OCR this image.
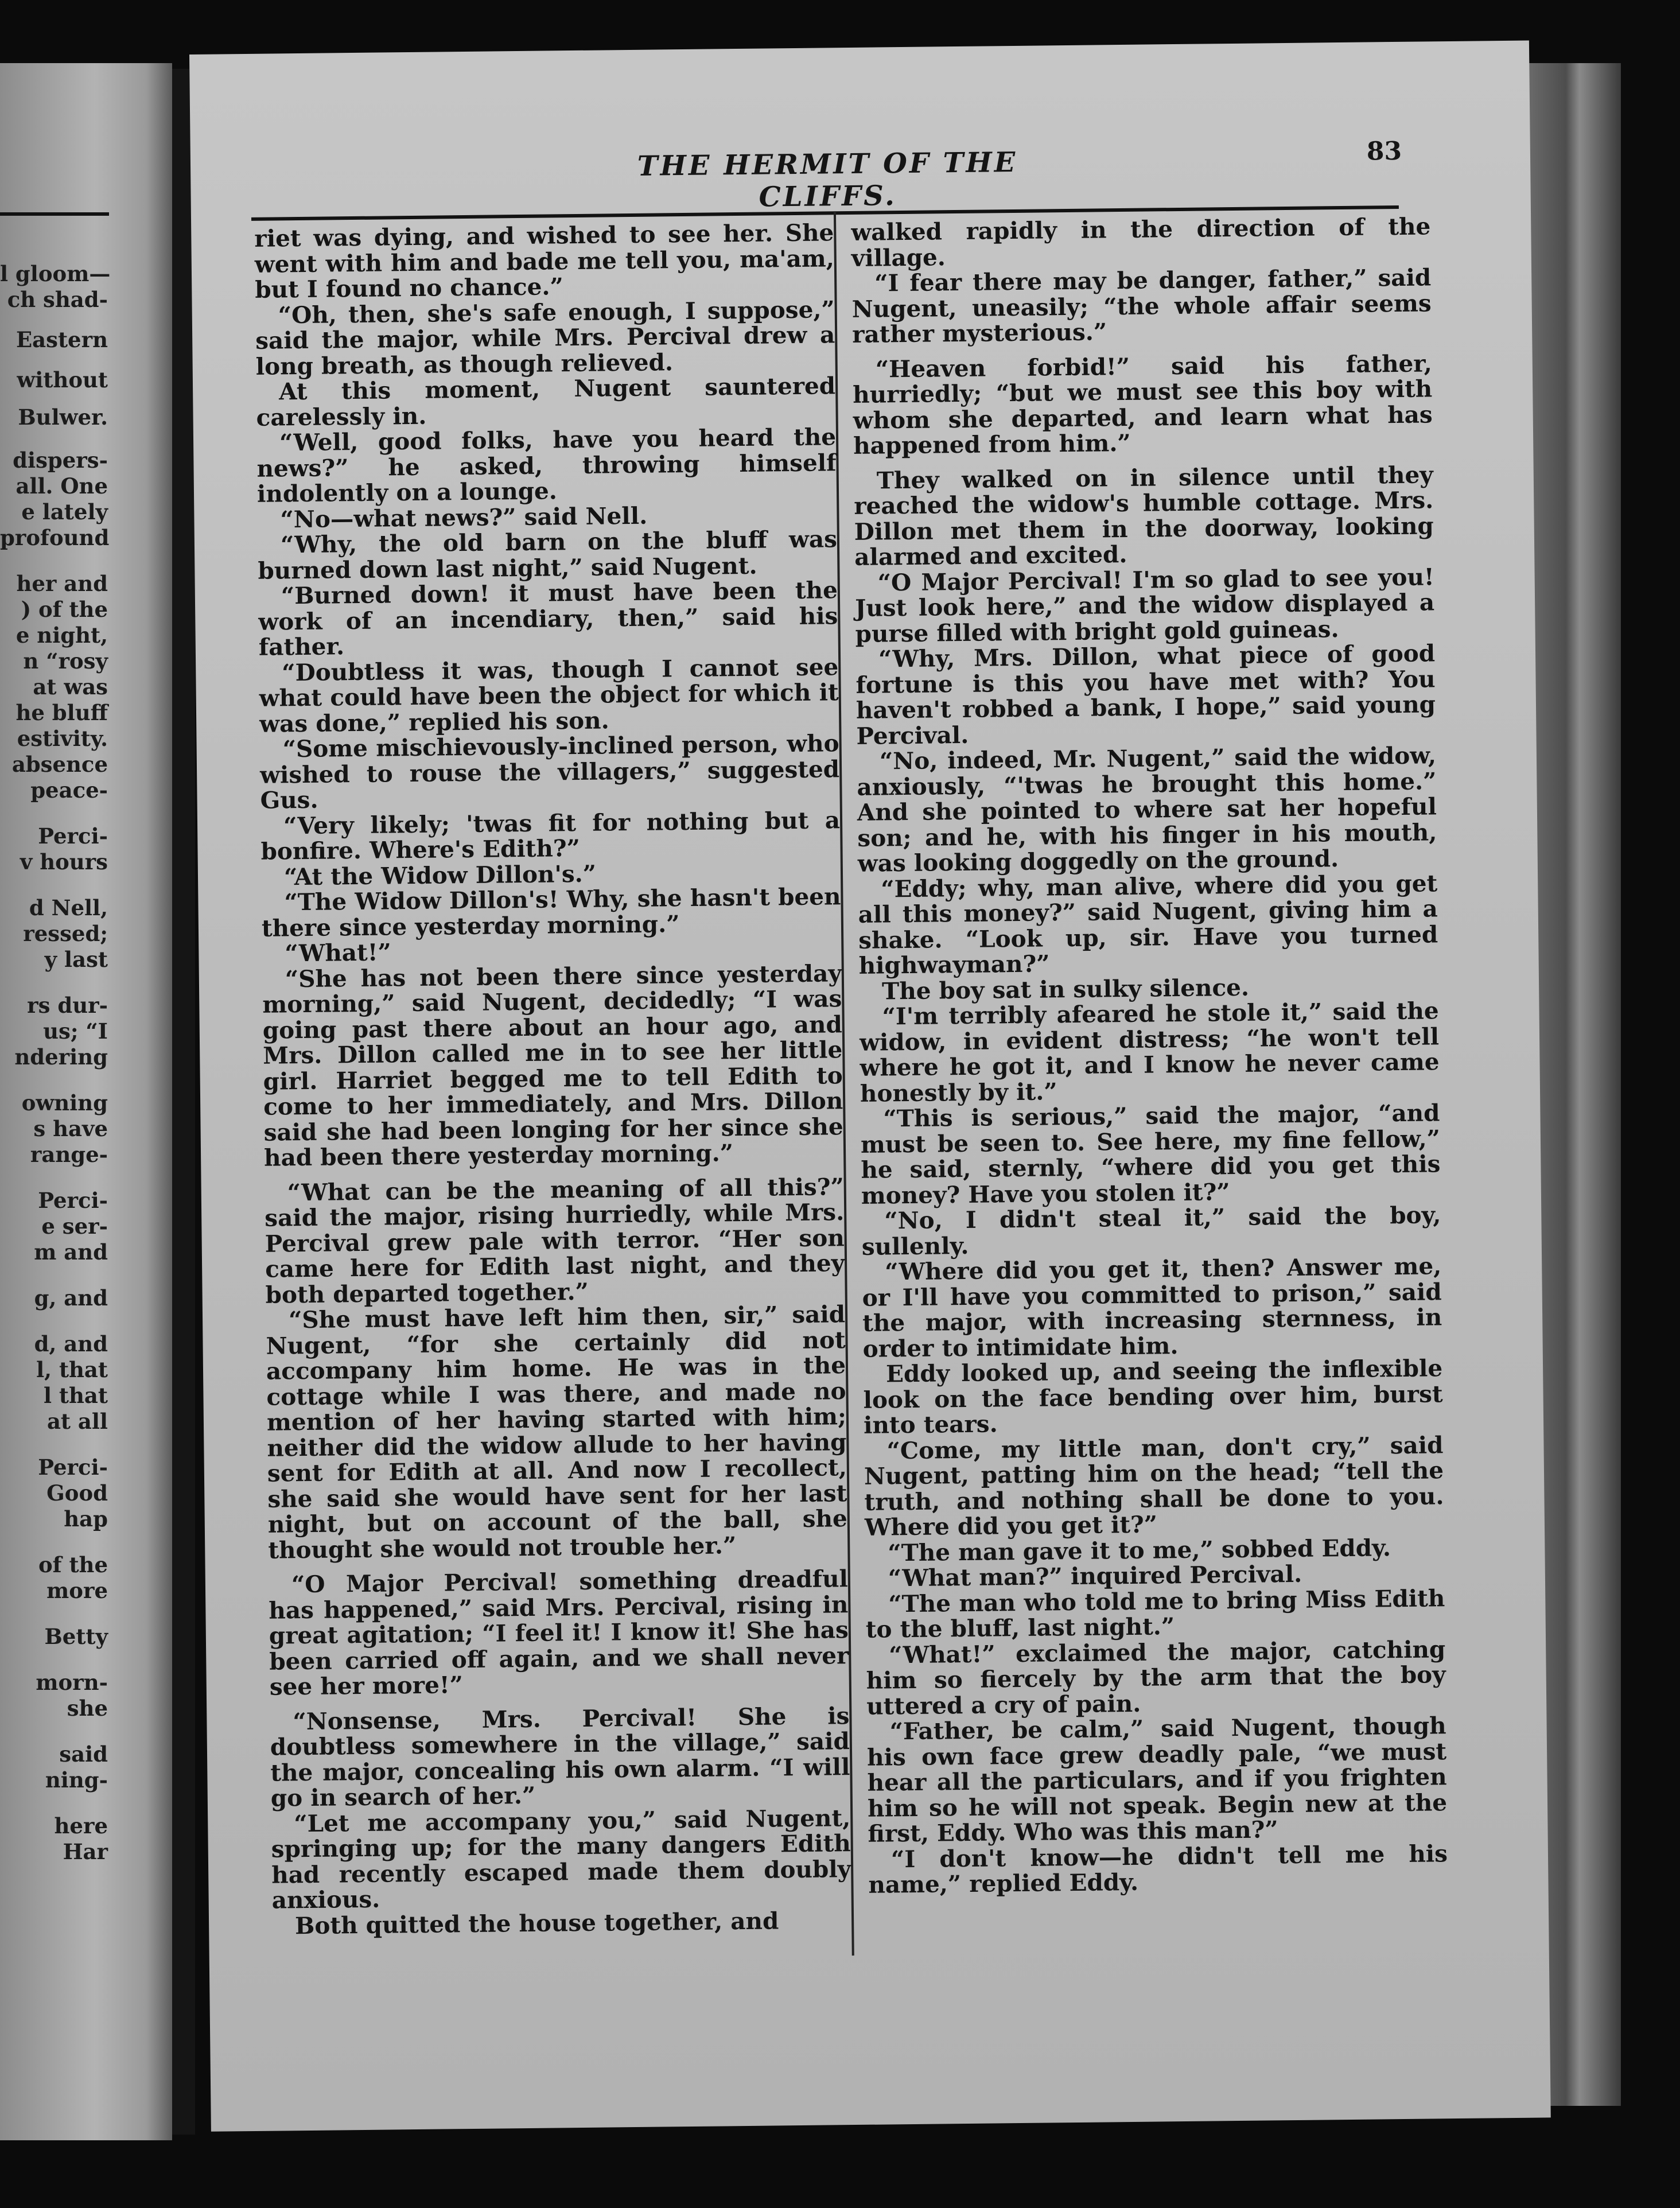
l gloom—
ch shad-
Eastern
without
Bulwer.
dispers-
all. One
e lately
profound
her and
) of the
e night,
n “rosy
at was
he bluff
estivity.
absence
peace-
Perci-
v hours
d Nell,
ressed;
y last
rs dur-
us; “I
ndering
owning
s have
range-
Perci-
e ser-
m and
g, and
d, and
l, that
l that
at all
Perci-
Good
hap
of the
more
Betty
morn-
she
said
ning-
here
Har
THE HERMIT OF THE CLIFFS.
83

riet was dying, and wished to see her. She went with him and bade me tell you, ma'am, but I found no chance.”

“Oh, then, she's safe enough, I suppose,” said the major, while Mrs. Percival drew a long breath, as though relieved.

At this moment, Nugent sauntered carelessly in.

“Well, good folks, have you heard the news?” he asked, throwing himself indolently on a lounge.

“No—what news?” said Nell.

“Why, the old barn on the bluff was burned down last night,” said Nugent.

“Burned down! it must have been the work of an incendiary, then,” said his father.

“Doubtless it was, though I cannot see what could have been the object for which it was done,” replied his son.

“Some mischievously-inclined person, who wished to rouse the villagers,” suggested Gus.

“Very likely; 'twas fit for nothing but a bonfire. Where's Edith?”

“At the Widow Dillon's.”

“The Widow Dillon's! Why, she hasn't been there since yesterday morning.”

“What!”

“She has not been there since yesterday morning,” said Nugent, decidedly; “I was going past there about an hour ago, and Mrs. Dillon called me in to see her little girl. Harriet begged me to tell Edith to come to her immediately, and Mrs. Dillon said she had been longing for her since she had been there yesterday morning.”

“What can be the meaning of all this?” said the major, rising hurriedly, while Mrs. Percival grew pale with terror. “Her son came here for Edith last night, and they both departed together.”

“She must have left him then, sir,” said Nugent, “for she certainly did not accompany him home. He was in the cottage while I was there, and made no mention of her having started with him; neither did the widow allude to her having sent for Edith at all. And now I recollect, she said she would have sent for her last night, but on account of the ball, she thought she would not trouble her.”

“O Major Percival! something dreadful has happened,” said Mrs. Percival, rising in great agitation; “I feel it! I know it! She has been carried off again, and we shall never see her more!”

“Nonsense, Mrs. Percival! She is doubtless somewhere in the village,” said the major, concealing his own alarm. “I will go in search of her.”

“Let me accompany you,” said Nugent, springing up; for the many dangers Edith had recently escaped made them doubly anxious.

Both quitted the house together, and

walked rapidly in the direction of the village.

“I fear there may be danger, father,” said Nugent, uneasily; “the whole affair seems rather mysterious.”

“Heaven forbid!” said his father, hurriedly; “but we must see this boy with whom she departed, and learn what has happened from him.”

They walked on in silence until they reached the widow's humble cottage. Mrs. Dillon met them in the doorway, looking alarmed and excited.

“O Major Percival! I'm so glad to see you! Just look here,” and the widow displayed a purse filled with bright gold guineas.

“Why, Mrs. Dillon, what piece of good fortune is this you have met with? You haven't robbed a bank, I hope,” said young Percival.

“No, indeed, Mr. Nugent,” said the widow, anxiously, “'twas he brought this home.” And she pointed to where sat her hopeful son; and he, with his finger in his mouth, was looking doggedly on the ground.

“Eddy; why, man alive, where did you get all this money?” said Nugent, giving him a shake. “Look up, sir. Have you turned highwayman?”

The boy sat in sulky silence.

“I'm terribly afeared he stole it,” said the widow, in evident distress; “he won't tell where he got it, and I know he never came honestly by it.”

“This is serious,” said the major, “and must be seen to. See here, my fine fellow,” he said, sternly, “where did you get this money? Have you stolen it?”

“No, I didn't steal it,” said the boy, sullenly.

“Where did you get it, then? Answer me, or I'll have you committed to prison,” said the major, with increasing sternness, in order to intimidate him.

Eddy looked up, and seeing the inflexible look on the face bending over him, burst into tears.

“Come, my little man, don't cry,” said Nugent, patting him on the head; “tell the truth, and nothing shall be done to you. Where did you get it?”

“The man gave it to me,” sobbed Eddy.

“What man?” inquired Percival.

“The man who told me to bring Miss Edith to the bluff, last night.”

“What!” exclaimed the major, catching him so fiercely by the arm that the boy uttered a cry of pain.

“Father, be calm,” said Nugent, though his own face grew deadly pale, “we must hear all the particulars, and if you frighten him so he will not speak. Begin new at the first, Eddy. Who was this man?”

“I don't know—he didn't tell me his name,” replied Eddy.
